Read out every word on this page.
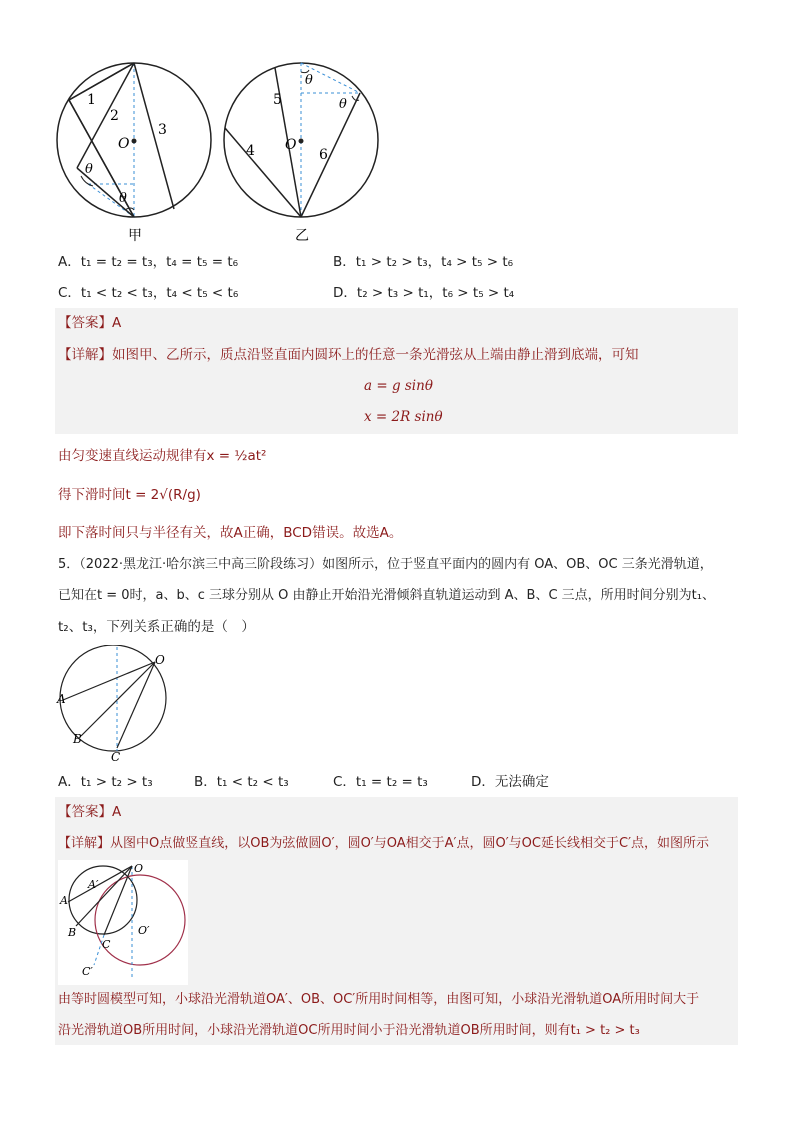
1
2
3
O
θ
θ
4
5
6
O
θ
θ
甲	乙
A．t₁ = t₂ = t₃，t₄ = t₅ = t₆	B．t₁ > t₂ > t₃，t₄ > t₅ > t₆
C．t₁ < t₂ < t₃，t₄ < t₅ < t₆	D．t₂ > t₃ > t₁，t₆ > t₅ > t₄
【答案】A
【详解】如图甲、乙所示，质点沿竖直面内圆环上的任意一条光滑弦从上端由静止滑到底端，可知
a = g sinθ
x = 2R sinθ
由匀变速直线运动规律有x = ½at²
得下滑时间t = 2√(R/g)
即下落时间只与半径有关，故A正确，BCD错误。故选A。
5．（2022·黑龙江·哈尔滨三中高三阶段练习）如图所示，位于竖直平面内的圆内有 OA、OB、OC 三条光滑轨道，
已知在t = 0时，a、b、c 三球分别从 O 由静止开始沿光滑倾斜直轨道运动到 A、B、C 三点，所用时间分别为t₁、
t₂、t₃，下列关系正确的是（　）
O
A
B
C
A．t₁ > t₂ > t₃	B．t₁ < t₂ < t₃	C．t₁ = t₂ = t₃	D．无法确定
【答案】A
【详解】从图中O点做竖直线，以OB为弦做圆O′，圆O′与OA相交于A′点，圆O′与OC延长线相交于C′点，如图所示
O
A′
A
B
C
O′
C′
由等时圆模型可知，小球沿光滑轨道OA′、OB、OC′所用时间相等，由图可知，小球沿光滑轨道OA所用时间大于
沿光滑轨道OB所用时间，小球沿光滑轨道OC所用时间小于沿光滑轨道OB所用时间，则有t₁ > t₂ > t₃
